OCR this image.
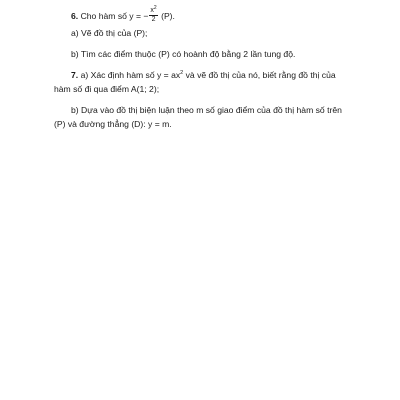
6. Cho hàm số y = − $\frac{x^2}{2} (P)$.
a) Vẽ đồ thị của (P);
b) Tìm các điểm thuộc (P) có hoành độ bằng 2 lần tung độ.
7. a) Xác định hàm số $y = ax^2$ và vẽ đồ thị của nó, biết rằng đồ thị của
hàm số đi qua điểm A(1; 2);
b) Dựa vào đồ thị biện luận theo m số giao điểm của đồ thị hàm số trên
(P) và đường thẳng (D): y = m.
